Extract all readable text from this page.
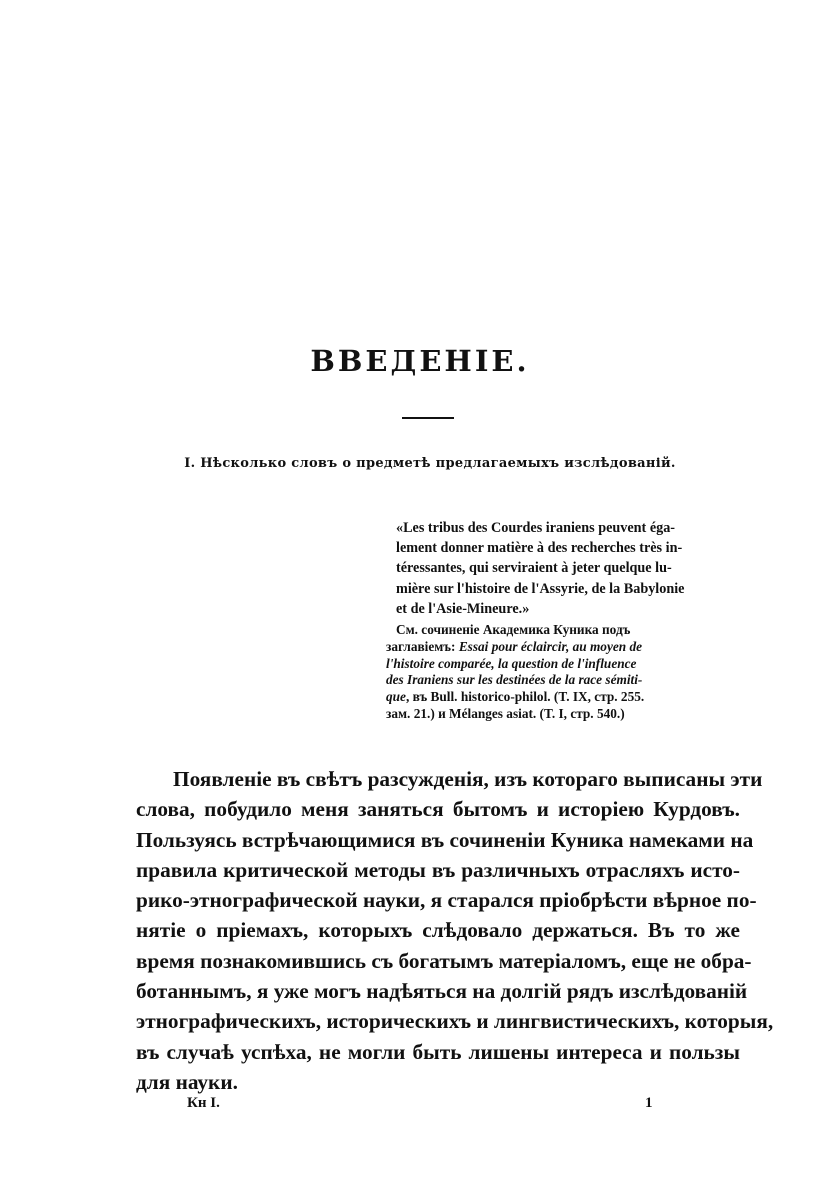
ВВЕДЕНІЕ.
I. Нѣсколько словъ о предметѣ предлагаемыхъ изслѣдованій.

«Les tribus des Courdes iraniens peuvent éga-
lement donner matière à des recherches très in-
téressantes, qui serviraient à jeter quelque lu-
mière sur l'histoire de l'Assyrie, de la Babylonie
et de l'Asie-Mineure.»

См. сочиненіе Академика Куника подъ
заглавіемъ: Essai pour éclaircir, au moyen de
l'histoire comparée, la question de l'influence
des Iraniens sur les destinées de la race sémiti-
que, въ Bull. historico-philol. (T. IX, стр. 255.
зам. 21.) и Mélanges asiat. (T. I, стр. 540.)
Появленіе въ свѣтъ разсужденія, изъ котораго выписаны эти
слова, побудило меня заняться бытомъ и исторіею Курдовъ.
Пользуясь встрѣчающимися въ сочиненіи Куника намеками на
правила критической методы въ различныхъ отрасляхъ исто-
рико-этнографической науки, я старался пріобрѣсти вѣрное по-
нятіе о пріемахъ, которыхъ слѣдовало держаться. Въ то же
время познакомившись съ богатымъ матеріаломъ, еще не обра-
ботаннымъ, я уже могъ надѣяться на долгій рядъ изслѣдованій
этнографическихъ, историческихъ и лингвистическихъ, которыя,
въ случаѣ успѣха, не могли быть лишены интереса и пользы
для науки.
Кн I.	1
